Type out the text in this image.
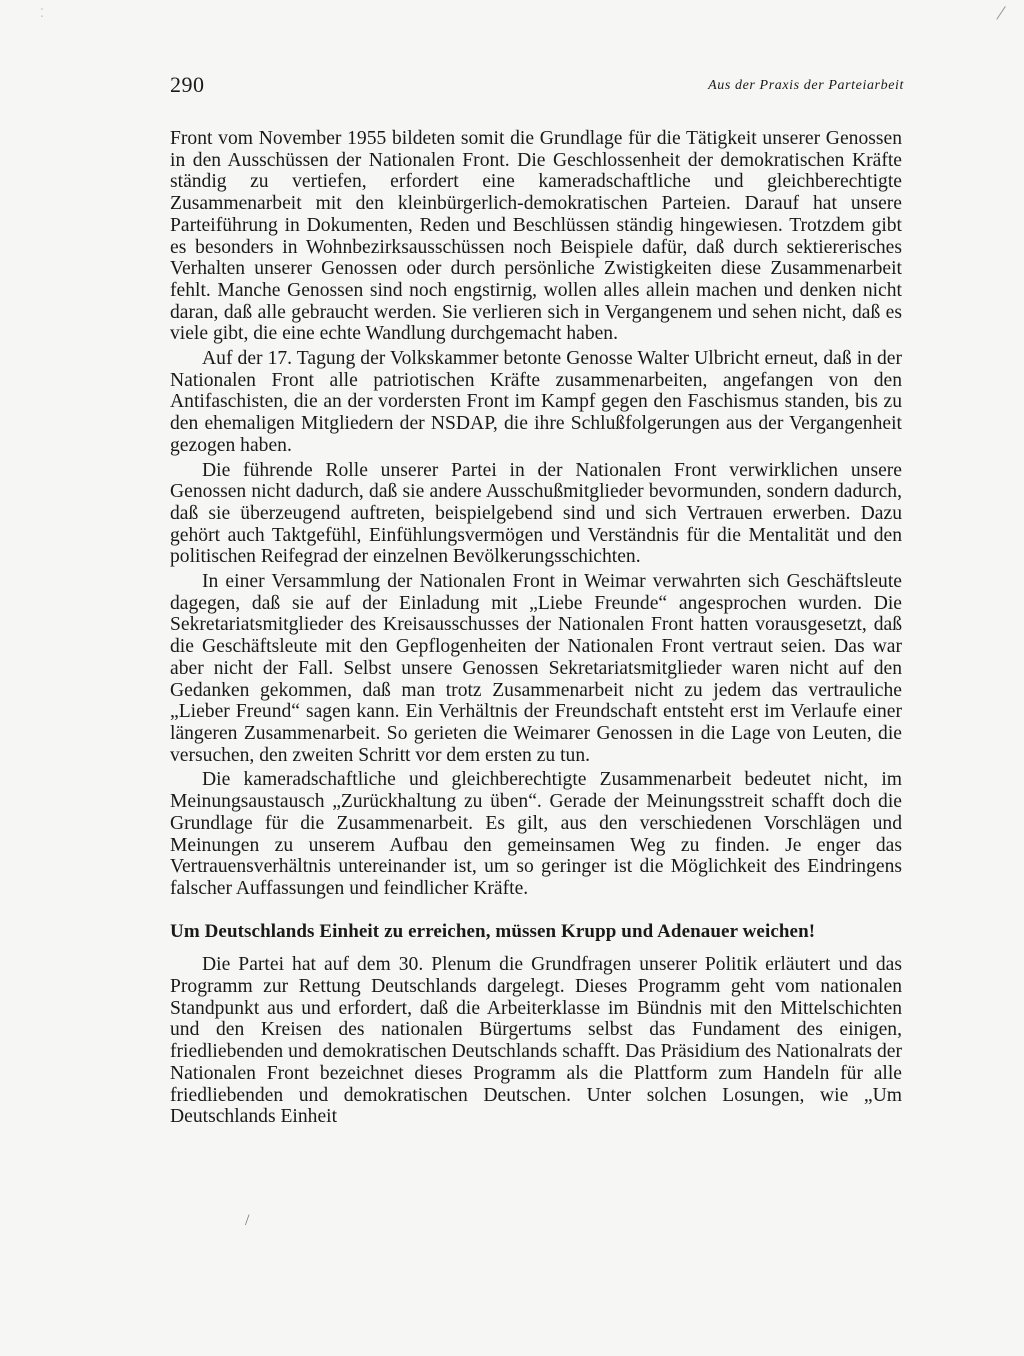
/
⁚
290	Aus der Praxis der Parteiarbeit

Front vom November 1955 bildeten somit die Grundlage für die Tätigkeit unserer Genossen in den Ausschüssen der Nationalen Front. Die Geschlossenheit der demokratischen Kräfte ständig zu vertiefen, erfordert eine kameradschaftliche und gleichberechtigte Zusammenarbeit mit den kleinbürgerlich-demokratischen Parteien. Darauf hat unsere Parteiführung in Dokumenten, Reden und Beschlüssen ständig hingewiesen. Trotzdem gibt es besonders in Wohnbezirksausschüssen noch Beispiele dafür, daß durch sektiererisches Verhalten unserer Genossen oder durch persönliche Zwistigkeiten diese Zusammenarbeit fehlt. Manche Genossen sind noch engstirnig, wollen alles allein machen und denken nicht daran, daß alle gebraucht werden. Sie verlieren sich in Vergangenem und sehen nicht, daß es viele gibt, die eine echte Wandlung durchgemacht haben.

Auf der 17. Tagung der Volkskammer betonte Genosse Walter Ulbricht erneut, daß in der Nationalen Front alle patriotischen Kräfte zusammenarbeiten, angefangen von den Antifaschisten, die an der vordersten Front im Kampf gegen den Faschismus standen, bis zu den ehemaligen Mitgliedern der NSDAP, die ihre Schlußfolgerungen aus der Vergangenheit gezogen haben.

Die führende Rolle unserer Partei in der Nationalen Front verwirklichen unsere Genossen nicht dadurch, daß sie andere Ausschußmitglieder bevormunden, sondern dadurch, daß sie überzeugend auftreten, beispielgebend sind und sich Vertrauen erwerben. Dazu gehört auch Taktgefühl, Einfühlungsvermögen und Verständnis für die Mentalität und den politischen Reifegrad der einzelnen Bevölkerungsschichten.

In einer Versammlung der Nationalen Front in Weimar verwahrten sich Geschäftsleute dagegen, daß sie auf der Einladung mit „Liebe Freunde“ angesprochen wurden. Die Sekretariatsmitglieder des Kreisausschusses der Nationalen Front hatten vorausgesetzt, daß die Geschäftsleute mit den Gepflogenheiten der Nationalen Front vertraut seien. Das war aber nicht der Fall. Selbst unsere Genossen Sekretariatsmitglieder waren nicht auf den Gedanken gekommen, daß man trotz Zusammenarbeit nicht zu jedem das vertrauliche „Lieber Freund“ sagen kann. Ein Verhältnis der Freundschaft entsteht erst im Verlaufe einer längeren Zusammenarbeit. So gerieten die Weimarer Genossen in die Lage von Leuten, die versuchen, den zweiten Schritt vor dem ersten zu tun.

Die kameradschaftliche und gleichberechtigte Zusammenarbeit bedeutet nicht, im Meinungsaustausch „Zurückhaltung zu üben“. Gerade der Meinungsstreit schafft doch die Grundlage für die Zusammenarbeit. Es gilt, aus den verschiedenen Vorschlägen und Meinungen zu unserem Aufbau den gemeinsamen Weg zu finden. Je enger das Vertrauensverhältnis untereinander ist, um so geringer ist die Möglichkeit des Eindringens falscher Auffassungen und feindlicher Kräfte.

Um Deutschlands Einheit zu erreichen, müssen Krupp und Adenauer weichen!

Die Partei hat auf dem 30. Plenum die Grundfragen unserer Politik erläutert und das Programm zur Rettung Deutschlands dargelegt. Dieses Programm geht vom nationalen Standpunkt aus und erfordert, daß die Arbeiterklasse im Bündnis mit den Mittelschichten und den Kreisen des nationalen Bürgertums selbst das Fundament des einigen, friedliebenden und demokratischen Deutschlands schafft. Das Präsidium des Nationalrats der Nationalen Front bezeichnet dieses Programm als die Plattform zum Handeln für alle friedliebenden und demokratischen Deutschen. Unter solchen Losungen, wie „Um Deutschlands Einheit

/
